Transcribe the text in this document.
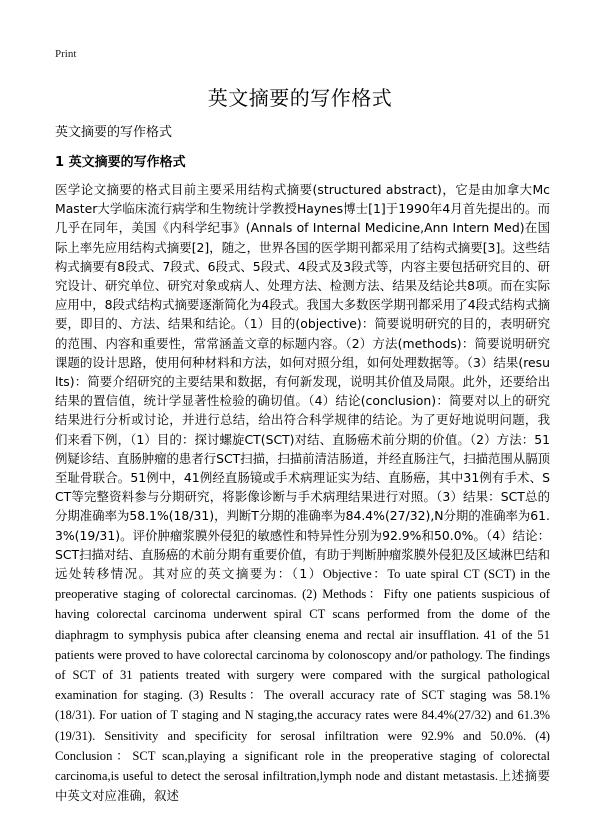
Print
英文摘要的写作格式
英文摘要的写作格式
1 英文摘要的写作格式
医学论文摘要的格式目前主要采用结构式摘要(structured abstract)，它是由加拿大Mc Master大学临床流行病学和生物统计学教授Haynes博士[1]于1990年4月首先提出的。而几乎在同年，美国《内科学纪事》(Annals of Internal Medicine,Ann Intern Med)在国际上率先应用结构式摘要[2]，随之，世界各国的医学期刊都采用了结构式摘要[3]。这些结构式摘要有8段式、7段式、6段式、5段式、4段式及3段式等，内容主要包括研究目的、研究设计、研究单位、研究对象或病人、处理方法、检测方法、结果及结论共8项。而在实际应用中，8段式结构式摘要逐渐简化为4段式。我国大多数医学期刊都采用了4段式结构式摘要，即目的、方法、结果和结论。（1）目的(objective)：简要说明研究的目的，表明研究的范围、内容和重要性，常常涵盖文章的标题内容。（2）方法(methods)：简要说明研究课题的设计思路，使用何种材料和方法，如何对照分组，如何处理数据等。（3）结果(results)：简要介绍研究的主要结果和数据，有何新发现，说明其价值及局限。此外，还要给出结果的置信值，统计学显著性检验的确切值。（4）结论(conclusion)：简要对以上的研究结果进行分析或讨论，并进行总结，给出符合科学规律的结论。为了更好地说明问题，我们来看下例，（1）目的：探讨螺旋CT(SCT)对结、直肠癌术前分期的价值。（2）方法：51例疑诊结、直肠肿瘤的患者行SCT扫描，扫描前清洁肠道，并经直肠注气，扫描范围从膈顶至耻骨联合。51例中，41例经直肠镜或手术病理证实为结、直肠癌，其中31例有手术、SCT等完整资料参与分期研究，将影像诊断与手术病理结果进行对照。（3）结果：SCT总的分期准确率为58.1%(18/31)，判断T分期的准确率为84.4%(27/32),N分期的准确率为61.3%(19/31)。评价肿瘤浆膜外侵犯的敏感性和特异性分别为92.9%和50.0%。（4）结论：SCT扫描对结、直肠癌的术前分期有重要价值，有助于判断肿瘤浆膜外侵犯及区域淋巴结和远处转移情况。其对应的英文摘要为：（1）Objective：To uate spiral CT (SCT) in the preoperative staging of colorectal carcinomas. (2) Methods：Fifty one patients suspicious of having colorectal carcinoma underwent spiral CT scans performed from the dome of the diaphragm to symphysis pubica after cleansing enema and rectal air insufflation. 41 of the 51 patients were proved to have colorectal carcinoma by colonoscopy and/or pathology. The findings of SCT of 31 patients treated with surgery were compared with the surgical pathological examination for staging. (3) Results：The overall accuracy rate of SCT staging was 58.1%(18/31). For uation of T staging and N staging,the accuracy rates were 84.4%(27/32) and 61.3%(19/31). Sensitivity and specificity for serosal infiltration were 92.9% and 50.0%. (4) Conclusion：SCT scan,playing a significant role in the preoperative staging of colorectal carcinoma,is useful to detect the serosal infiltration,lymph node and distant metastasis.上述摘要中英文对应准确，叙述
